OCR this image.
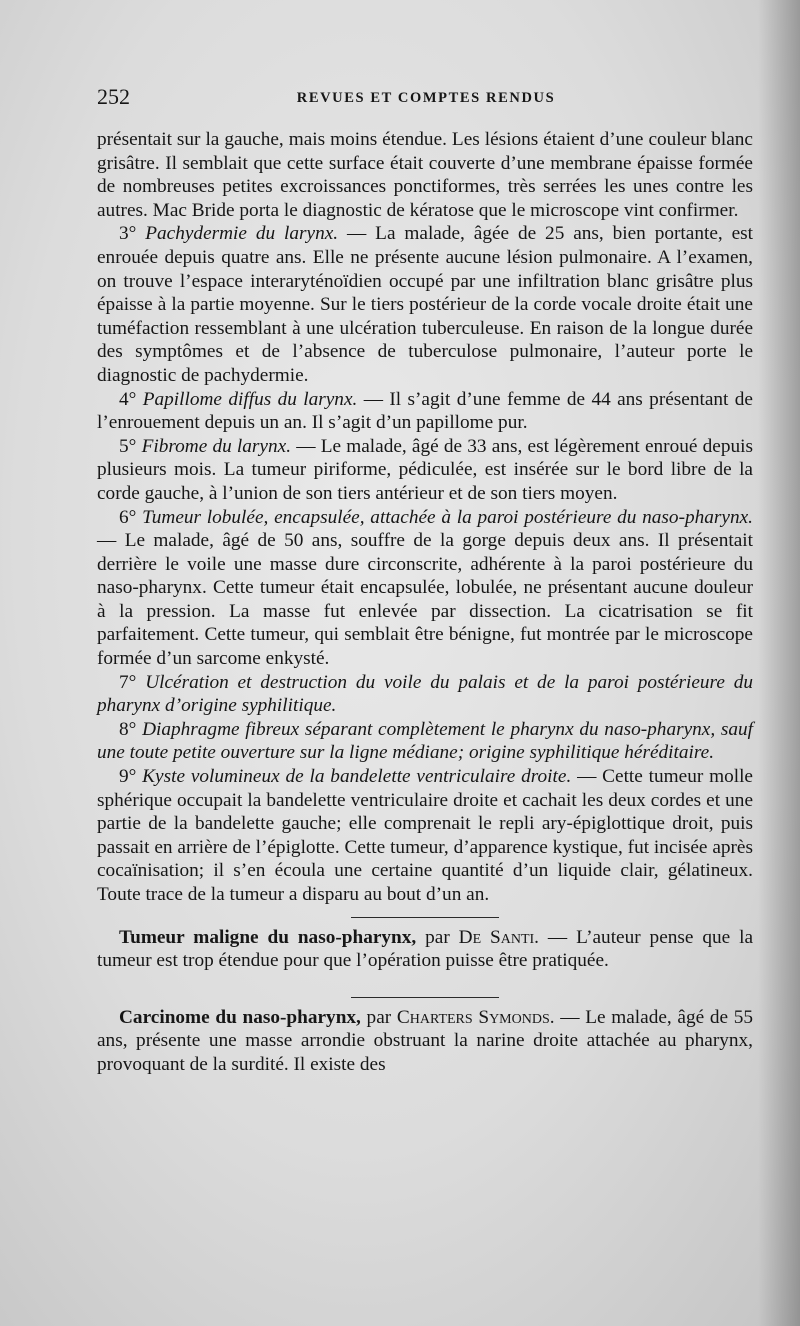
252	REVUES ET COMPTES RENDUS

présentait sur la gauche, mais moins étendue. Les lésions étaient d’une couleur blanc grisâtre. Il semblait que cette surface était couverte d’une membrane épaisse formée de nombreuses petites excroissances ponctiformes, très serrées les unes contre les autres. Mac Bride porta le diagnostic de kératose que le microscope vint confirmer.

3° Pachydermie du larynx. — La malade, âgée de 25 ans, bien portante, est enrouée depuis quatre ans. Elle ne présente aucune lésion pulmonaire. A l’examen, on trouve l’espace interaryténoïdien occupé par une infiltration blanc grisâtre plus épaisse à la partie moyenne. Sur le tiers postérieur de la corde vocale droite était une tuméfaction ressemblant à une ulcération tuberculeuse. En raison de la longue durée des symptômes et de l’absence de tuberculose pulmonaire, l’auteur porte le diagnostic de pachydermie.

4° Papillome diffus du larynx. — Il s’agit d’une femme de 44 ans présentant de l’enrouement depuis un an. Il s’agit d’un papillome pur.

5° Fibrome du larynx. — Le malade, âgé de 33 ans, est légèrement enroué depuis plusieurs mois. La tumeur piriforme, pédiculée, est insérée sur le bord libre de la corde gauche, à l’union de son tiers antérieur et de son tiers moyen.

6° Tumeur lobulée, encapsulée, attachée à la paroi postérieure du naso-pharynx. — Le malade, âgé de 50 ans, souffre de la gorge depuis deux ans. Il présentait derrière le voile une masse dure circonscrite, adhérente à la paroi postérieure du naso-pharynx. Cette tumeur était encapsulée, lobulée, ne présentant aucune douleur à la pression. La masse fut enlevée par dissection. La cicatrisation se fit parfaitement. Cette tumeur, qui semblait être bénigne, fut montrée par le microscope formée d’un sarcome enkysté.

7° Ulcération et destruction du voile du palais et de la paroi postérieure du pharynx d’origine syphilitique.

8° Diaphragme fibreux séparant complètement le pharynx du naso-pharynx, sauf une toute petite ouverture sur la ligne médiane; origine syphilitique héréditaire.

9° Kyste volumineux de la bandelette ventriculaire droite. — Cette tumeur molle sphérique occupait la bandelette ventriculaire droite et cachait les deux cordes et une partie de la bandelette gauche; elle comprenait le repli ary-épiglottique droit, puis passait en arrière de l’épiglotte. Cette tumeur, d’apparence kystique, fut incisée après cocaïnisation; il s’en écoula une certaine quantité d’un liquide clair, gélatineux. Toute trace de la tumeur a disparu au bout d’un an.

Tumeur maligne du naso-pharynx, par De Santi. — L’auteur pense que la tumeur est trop étendue pour que l’opération puisse être pratiquée.

Carcinome du naso-pharynx, par Charters Symonds. — Le malade, âgé de 55 ans, présente une masse arrondie obstruant la narine droite attachée au pharynx, provoquant de la surdité. Il existe des
